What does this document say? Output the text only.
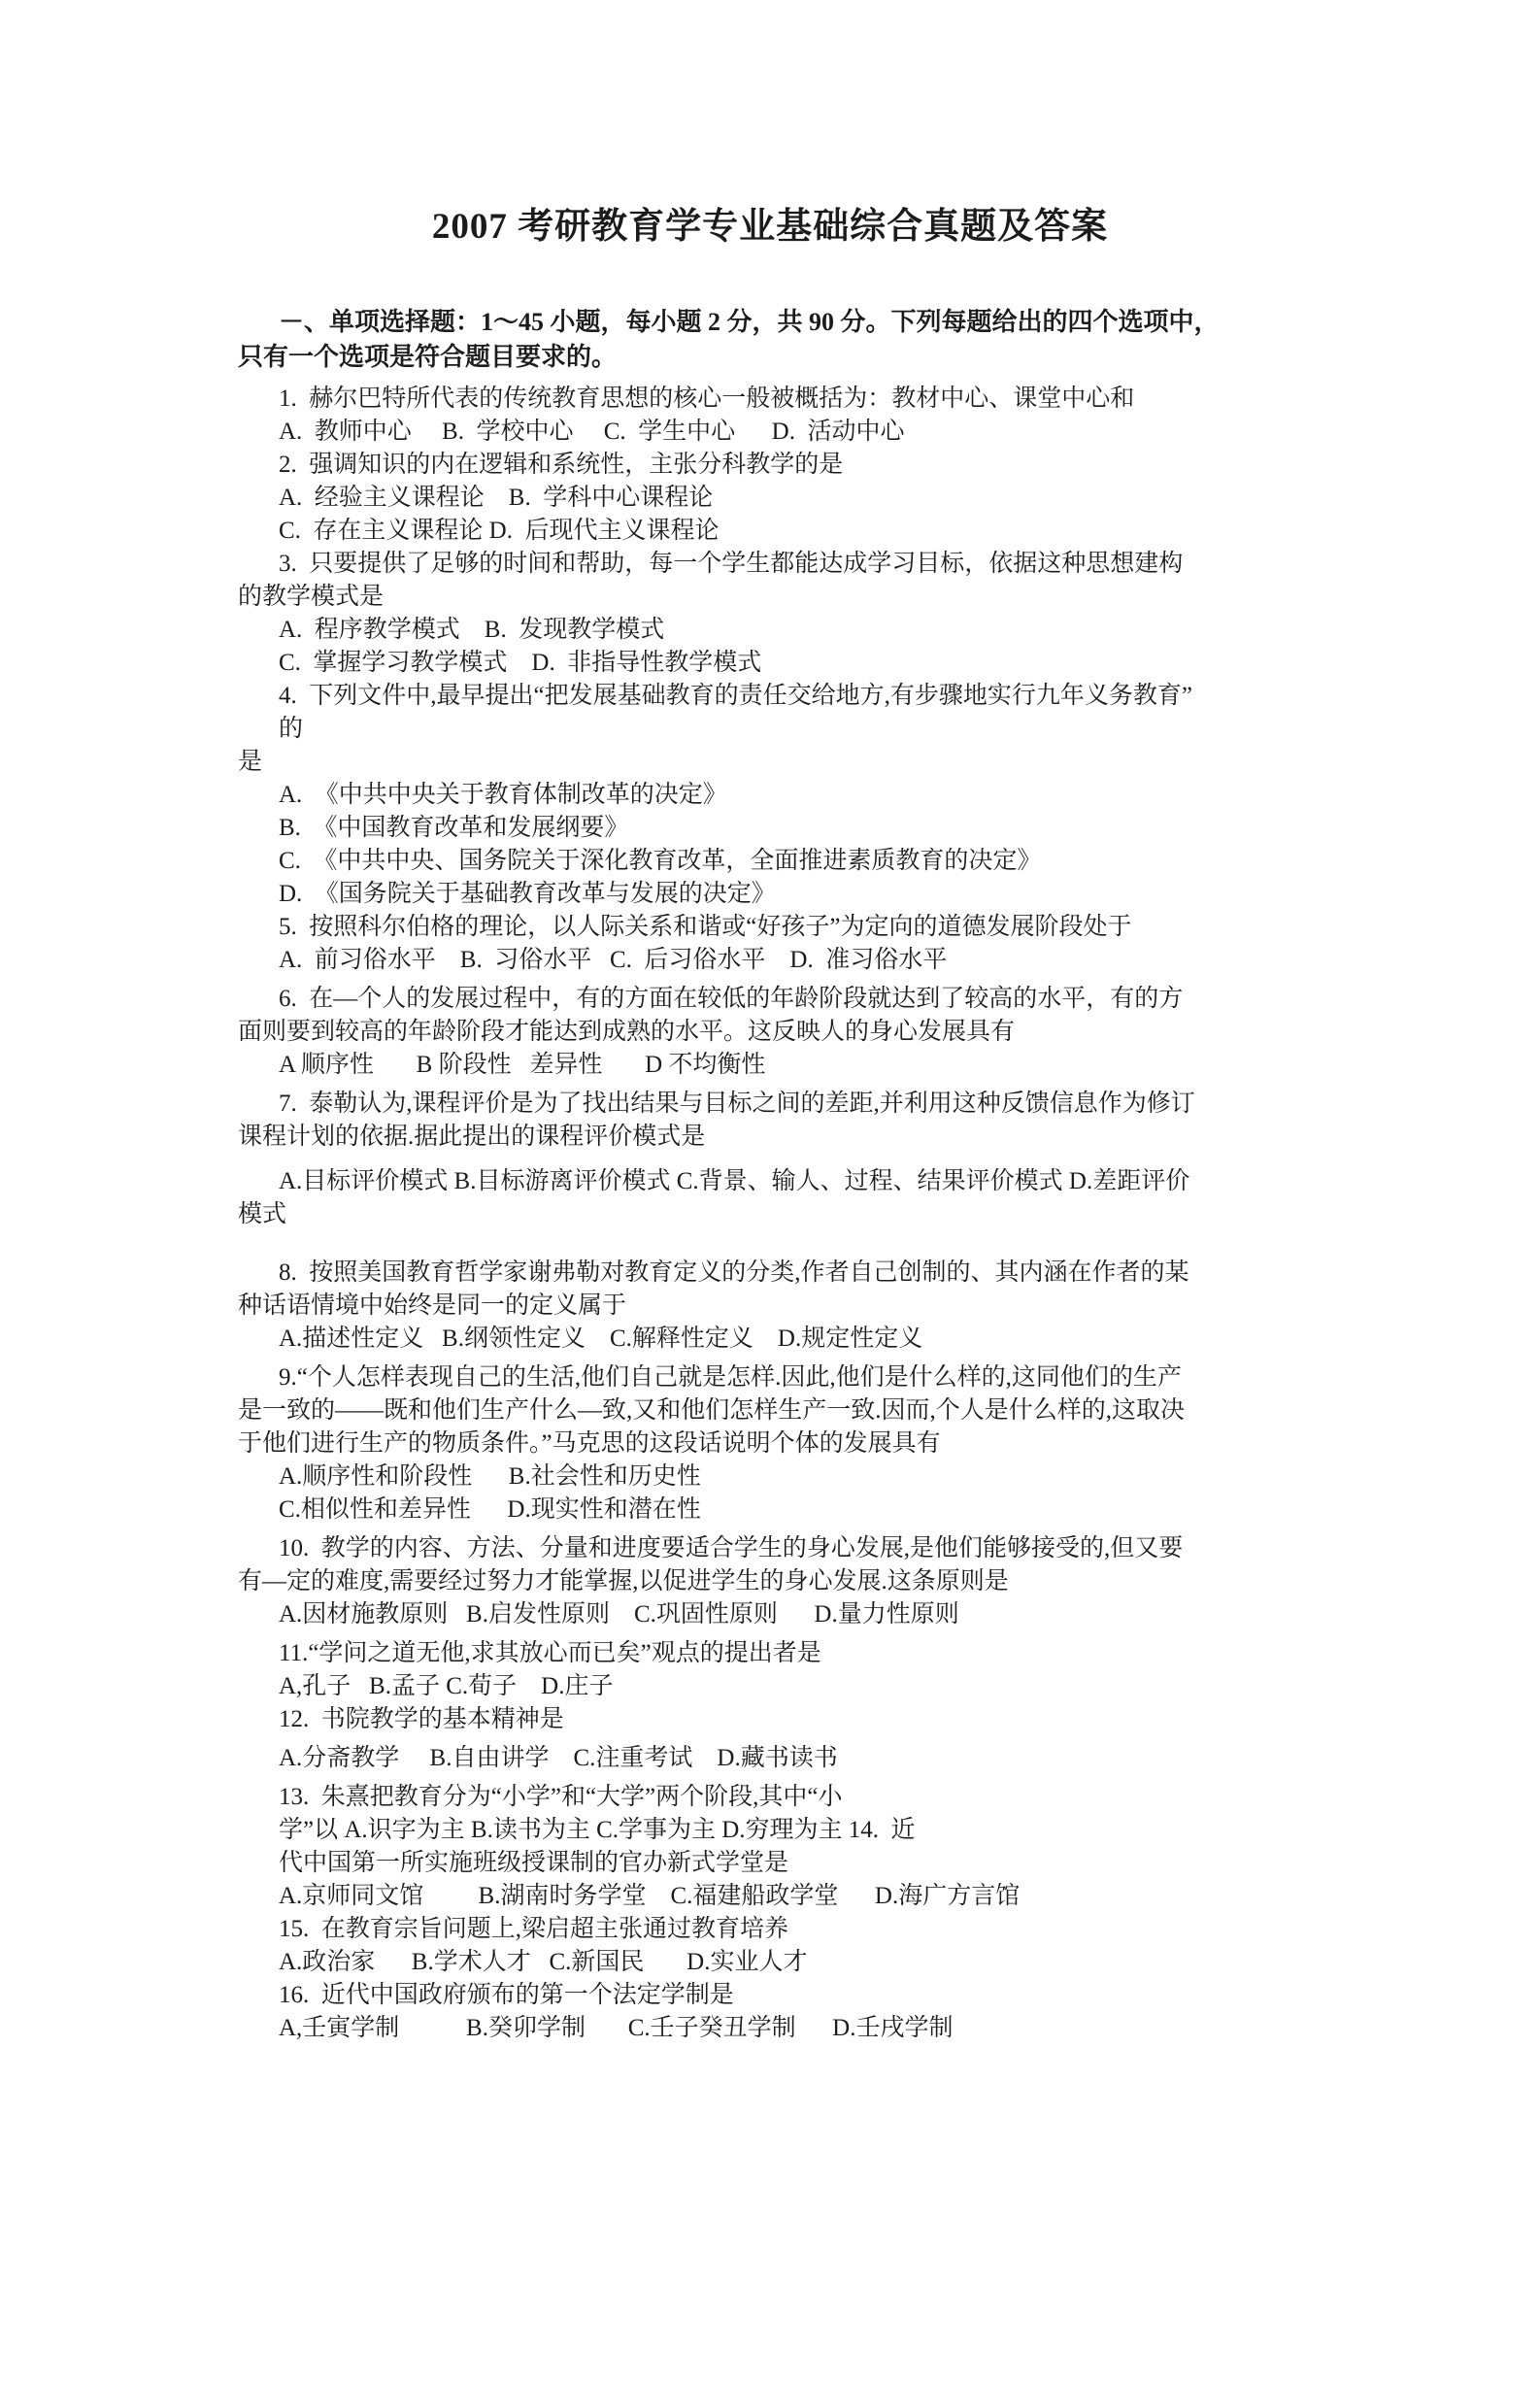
2007 考研教育学专业基础综合真题及答案

－、单项选择题：1～45 小题，每小题 2 分，共 90 分。下列每题给出的四个选项中，

只有一个选项是符合题目要求的。

1.  赫尔巴特所代表的传统教育思想的核心一般被概括为：教材中心、课堂中心和

A.  教师中心     B.  学校中心     C.  学生中心      D.  活动中心

2.  强调知识的内在逻辑和系统性，主张分科教学的是

A.  经验主义课程论    B.  学科中心课程论

C.  存在主义课程论 D.  后现代主义课程论

3.  只要提供了足够的时间和帮助，每一个学生都能达成学习目标，依据这种思想建构

的教学模式是

A.  程序教学模式    B.  发现教学模式

C.  掌握学习教学模式    D.  非指导性教学模式

4.  下列文件中,最早提出“把发展基础教育的责任交给地方,有步骤地实行九年义务教育”

的

是

A.  《中共中央关于教育体制改革的决定》

B.  《中国教育改革和发展纲要》

C.  《中共中央、国务院关于深化教育改革，全面推进素质教育的决定》

D.  《国务院关于基础教育改革与发展的决定》

5.  按照科尔伯格的理论，以人际关系和谐或“好孩子”为定向的道德发展阶段处于

A.  前习俗水平    B.  习俗水平   C.  后习俗水平    D.  准习俗水平

6.  在—个人的发展过程中，有的方面在较低的年龄阶段就达到了较高的水平，有的方

面则要到较高的年龄阶段才能达到成熟的水平。这反映人的身心发展具有

A 顺序性       B 阶段性   差异性       D 不均衡性

7.  泰勒认为,课程评价是为了找出结果与目标之间的差距,并利用这种反馈信息作为修订

课程计划的依据.据此提出的课程评价模式是

A.目标评价模式 B.目标游离评价模式 C.背景、输人、过程、结果评价模式 D.差距评价

模式

8.  按照美国教育哲学家谢弗勒对教育定义的分类,作者自己创制的、其内涵在作者的某

种话语情境中始终是同一的定义属于

A.描述性定义   B.纲领性定义    C.解释性定义    D.规定性定义

9.“个人怎样表现自己的生活,他们自己就是怎样.因此,他们是什么样的,这同他们的生产

是一致的——既和他们生产什么—致,又和他们怎样生产一致.因而,个人是什么样的,这取决

于他们进行生产的物质条件。”马克思的这段话说明个体的发展具有

A.顺序性和阶段性      B.社会性和历史性

C.相似性和差异性      D.现实性和潜在性

10.  教学的内容、方法、分量和进度要适合学生的身心发展,是他们能够接受的,但又要

有—定的难度,需要经过努力才能掌握,以促进学生的身心发展.这条原则是

A.因材施教原则   B.启发性原则    C.巩固性原则      D.量力性原则

11.“学问之道无他,求其放心而已矣”观点的提出者是

A,孔子   B.孟子 C.荀子    D.庄子

12.  书院教学的基本精神是

A.分斋教学     B.自由讲学    C.注重考试    D.藏书读书

13.  朱熹把教育分为“小学”和“大学”两个阶段,其中“小

学”以 A.识字为主 B.读书为主 C.学事为主 D.穷理为主 14.  近

代中国第一所实施班级授课制的官办新式学堂是

A.京师同文馆         B.湖南时务学堂    C.福建船政学堂      D.海广方言馆

15.  在教育宗旨问题上,梁启超主张通过教育培养

A.政治家      B.学术人才   C.新国民       D.实业人才

16.  近代中国政府颁布的第一个法定学制是

A,壬寅学制           B.癸卯学制       C.壬子癸丑学制      D.壬戌学制
